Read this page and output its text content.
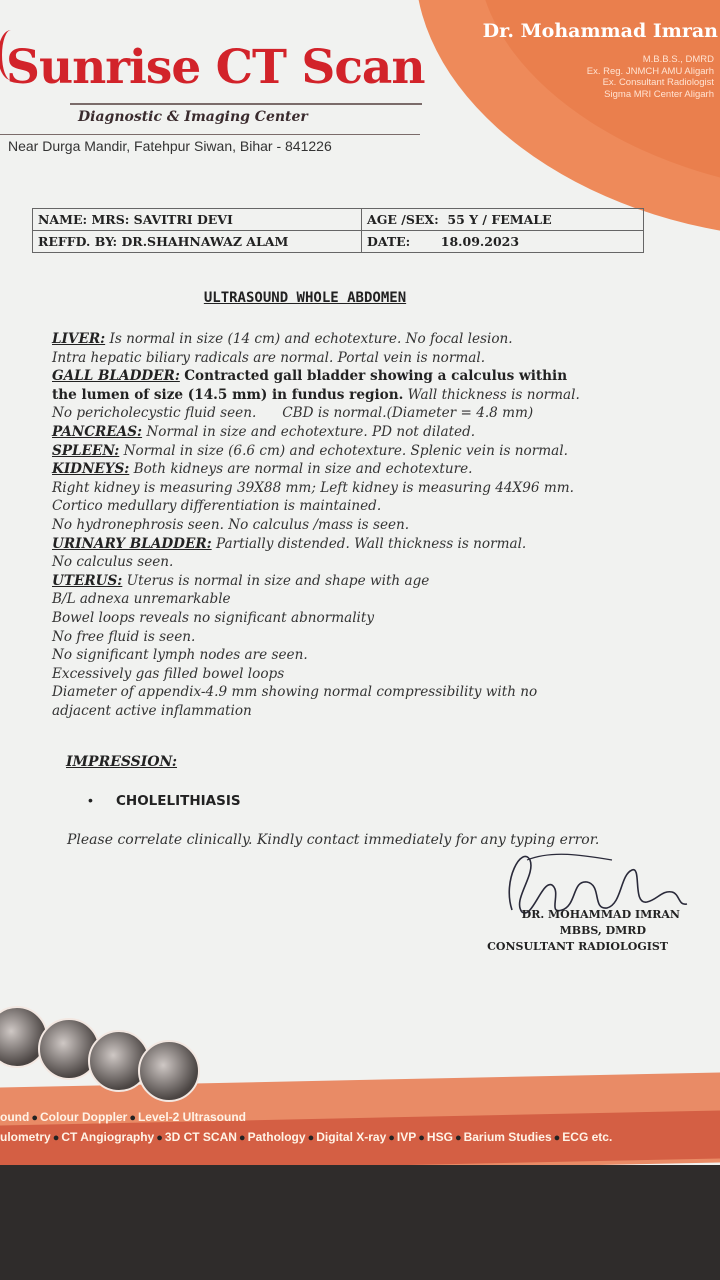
Dr. Mohammad Imran
M.B.B.S., DMRD
Ex. Reg. JNMCH AMU Aligarh
Ex. Consultant Radiologist
Sigma MRI Center Aligarh
Sunrise CT Scan
Diagnostic & Imaging Center
Near Durga Mandir, Fatehpur Siwan, Bihar - 841226
NAME: MRS: SAVITRI DEVI	AGE /SEX: 55 Y / FEMALE
REFFD. BY: DR.SHAHNAWAZ ALAM	DATE: 18.09.2023
ULTRASOUND WHOLE ABDOMEN
LIVER: Is normal in size (14 cm) and echotexture. No focal lesion.
Intra hepatic biliary radicals are normal. Portal vein is normal.
GALL BLADDER: Contracted gall bladder showing a calculus within
the lumen of size (14.5 mm) in fundus region. Wall thickness is normal.
No pericholecystic fluid seen. CBD is normal.(Diameter = 4.8 mm)
PANCREAS: Normal in size and echotexture. PD not dilated.
SPLEEN: Normal in size (6.6 cm) and echotexture. Splenic vein is normal.
KIDNEYS: Both kidneys are normal in size and echotexture.
Right kidney is measuring 39X88 mm; Left kidney is measuring 44X96 mm.
Cortico medullary differentiation is maintained.
No hydronephrosis seen. No calculus /mass is seen.
URINARY BLADDER: Partially distended. Wall thickness is normal.
No calculus seen.
UTERUS: Uterus is normal in size and shape with age
B/L adnexa unremarkable
Bowel loops reveals no significant abnormality
No free fluid is seen.
No significant lymph nodes are seen.
Excessively gas filled bowel loops
Diameter of appendix-4.9 mm showing normal compressibility with no
adjacent active inflammation
IMPRESSION:
• CHOLELITHIASIS
Please correlate clinically. Kindly contact immediately for any typing error.
DR. MOHAMMAD IMRAN
MBBS, DMRD
CONSULTANT RADIOLOGIST
ound ● Colour Doppler ● Level-2 Ultrasound
ulometry ● CT Angiography ● 3D CT SCAN ● Pathology ● Digital X-ray ● IVP ● HSG ● Barium Studies ● ECG etc.
